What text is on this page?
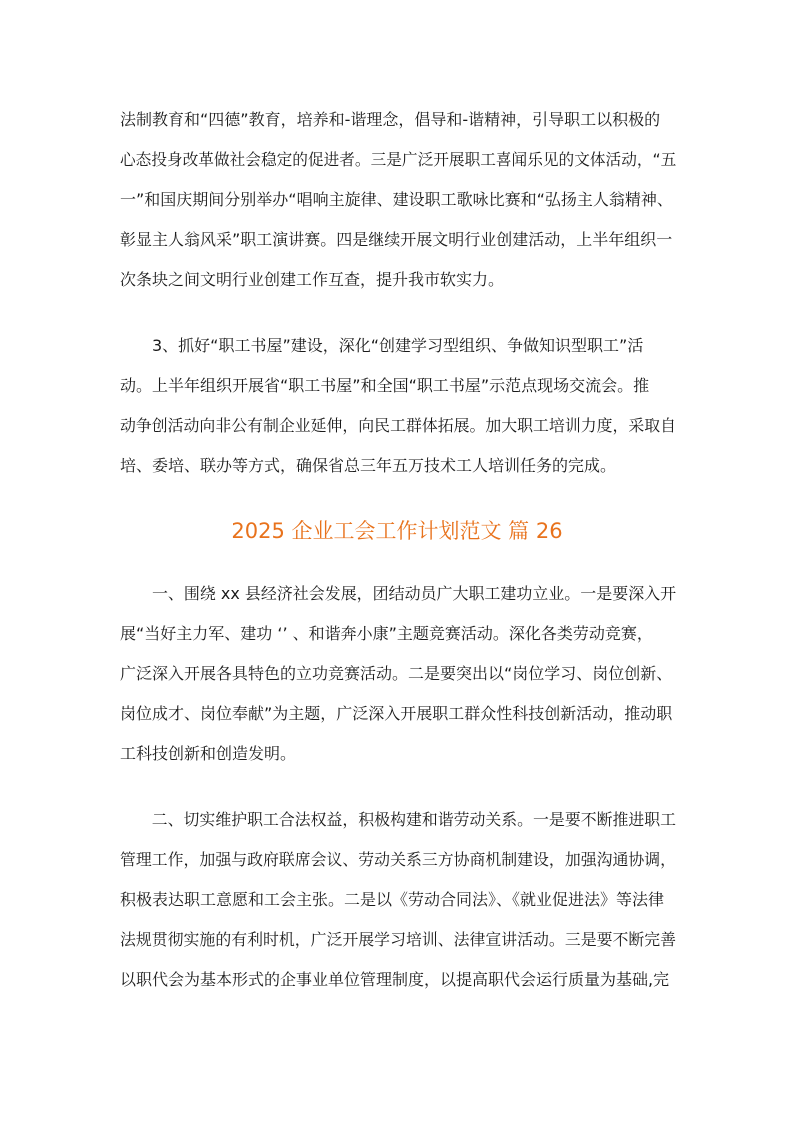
法制教育和“四德”教育，培养和-谐理念，倡导和-谐精神，引导职工以积极的
心态投身改革做社会稳定的促进者。三是广泛开展职工喜闻乐见的文体活动，“五
一”和国庆期间分别举办“唱响主旋律、建设职工歌咏比赛和“弘扬主人翁精神、
彰显主人翁风采”职工演讲赛。四是继续开展文明行业创建活动，上半年组织一
次条块之间文明行业创建工作互查，提升我市软实力。
　　3、抓好“职工书屋”建设，深化“创建学习型组织、争做知识型职工”活
动。上半年组织开展省“职工书屋”和全国“职工书屋”示范点现场交流会。推
动争创活动向非公有制企业延伸，向民工群体拓展。加大职工培训力度，采取自
培、委培、联办等方式，确保省总三年五万技术工人培训任务的完成。
2025 企业工会工作计划范文 篇 26
　　一、围绕 xx 县经济社会发展，团结动员广大职工建功立业。一是要深入开
展“当好主力军、建功 ‘’ 、和谐奔小康”主题竞赛活动。深化各类劳动竞赛，
广泛深入开展各具特色的立功竞赛活动。二是要突出以“岗位学习、岗位创新、
岗位成才、岗位奉献”为主题，广泛深入开展职工群众性科技创新活动，推动职
工科技创新和创造发明。
　　二、切实维护职工合法权益，积极构建和谐劳动关系。一是要不断推进职工
管理工作，加强与政府联席会议、劳动关系三方协商机制建设，加强沟通协调，
积极表达职工意愿和工会主张。二是以《劳动合同法》、《就业促进法》等法律
法规贯彻实施的有利时机，广泛开展学习培训、法律宣讲活动。三是要不断完善
以职代会为基本形式的企事业单位管理制度，以提高职代会运行质量为基础,完
